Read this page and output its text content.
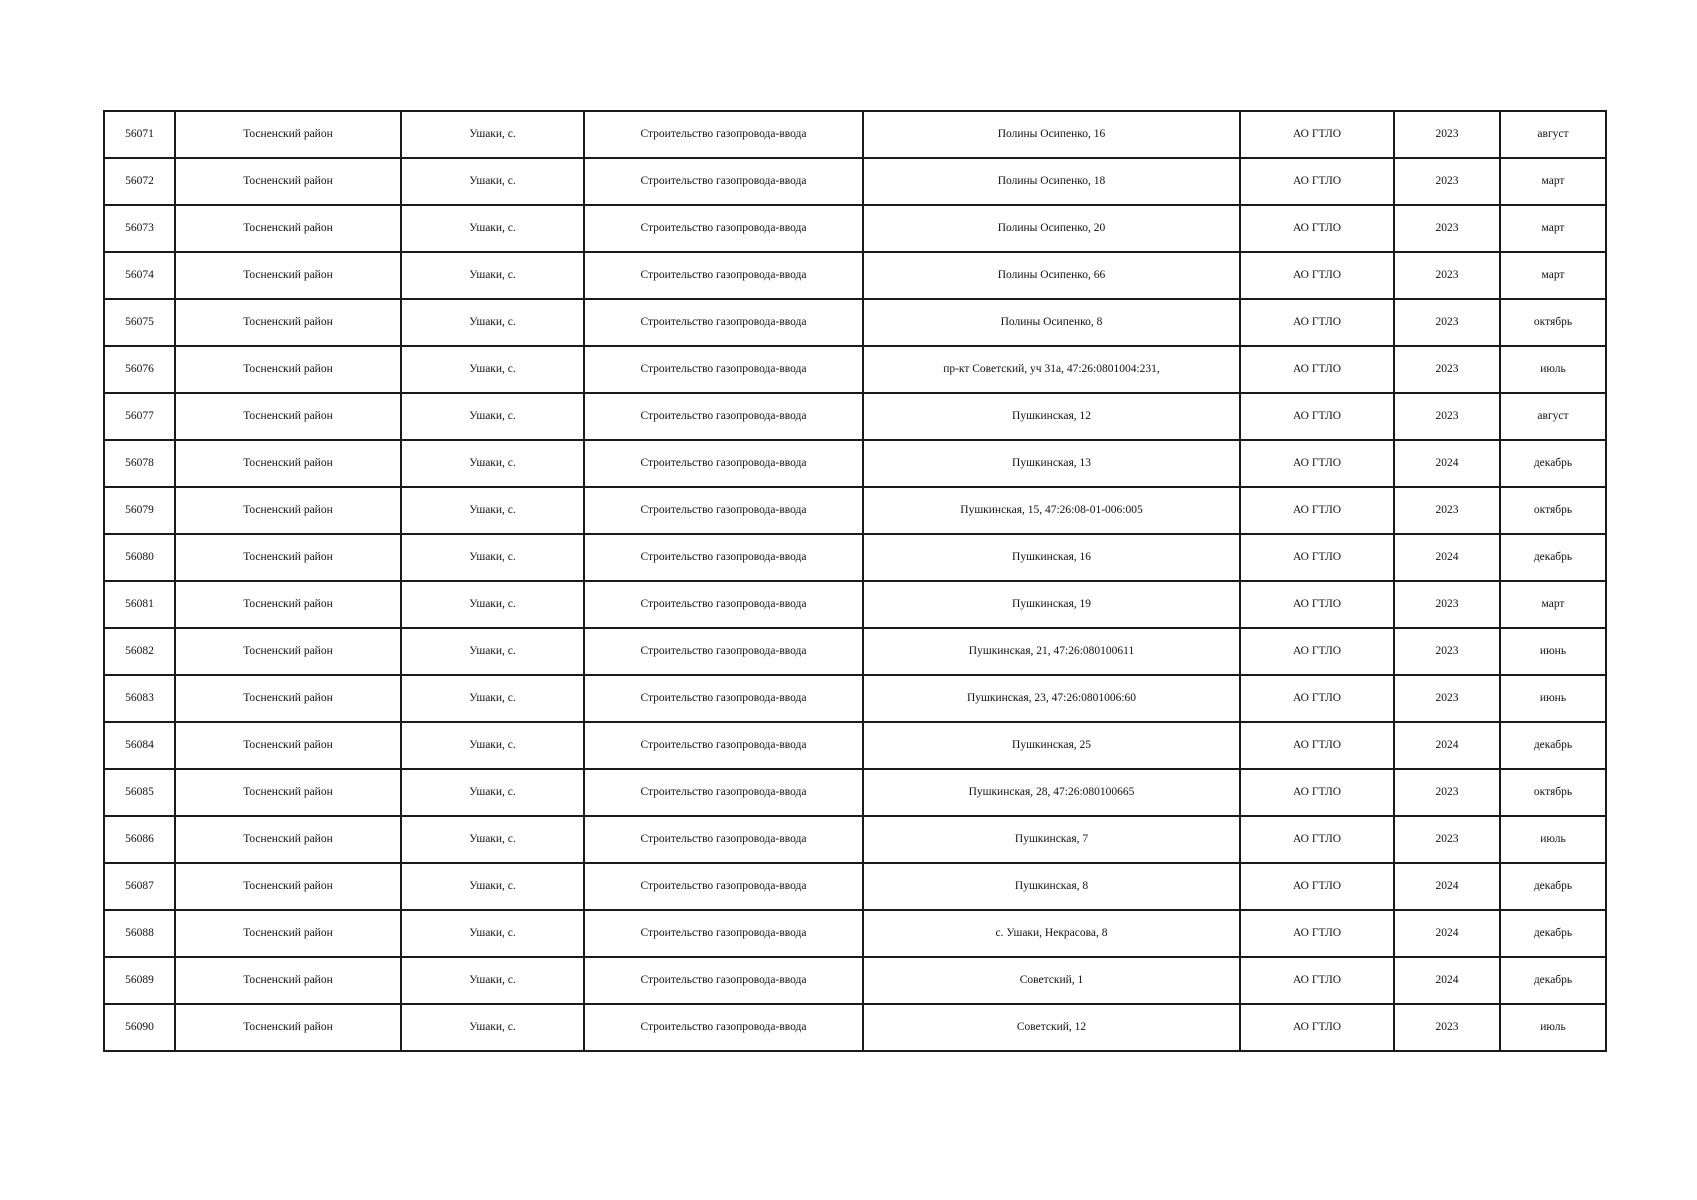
56071	Тосненский район	Ушаки, с.	Строительство газопровода-ввода	Полины Осипенко, 16	АО ГТЛО	2023	август
56072	Тосненский район	Ушаки, с.	Строительство газопровода-ввода	Полины Осипенко, 18	АО ГТЛО	2023	март
56073	Тосненский район	Ушаки, с.	Строительство газопровода-ввода	Полины Осипенко, 20	АО ГТЛО	2023	март
56074	Тосненский район	Ушаки, с.	Строительство газопровода-ввода	Полины Осипенко, 66	АО ГТЛО	2023	март
56075	Тосненский район	Ушаки, с.	Строительство газопровода-ввода	Полины Осипенко, 8	АО ГТЛО	2023	октябрь
56076	Тосненский район	Ушаки, с.	Строительство газопровода-ввода	пр-кт Советский, уч 31а, 47:26:0801004:231,	АО ГТЛО	2023	июль
56077	Тосненский район	Ушаки, с.	Строительство газопровода-ввода	Пушкинская, 12	АО ГТЛО	2023	август
56078	Тосненский район	Ушаки, с.	Строительство газопровода-ввода	Пушкинская, 13	АО ГТЛО	2024	декабрь
56079	Тосненский район	Ушаки, с.	Строительство газопровода-ввода	Пушкинская, 15, 47:26:08-01-006:005	АО ГТЛО	2023	октябрь
56080	Тосненский район	Ушаки, с.	Строительство газопровода-ввода	Пушкинская, 16	АО ГТЛО	2024	декабрь
56081	Тосненский район	Ушаки, с.	Строительство газопровода-ввода	Пушкинская, 19	АО ГТЛО	2023	март
56082	Тосненский район	Ушаки, с.	Строительство газопровода-ввода	Пушкинская, 21, 47:26:080100611	АО ГТЛО	2023	июнь
56083	Тосненский район	Ушаки, с.	Строительство газопровода-ввода	Пушкинская, 23, 47:26:0801006:60	АО ГТЛО	2023	июнь
56084	Тосненский район	Ушаки, с.	Строительство газопровода-ввода	Пушкинская, 25	АО ГТЛО	2024	декабрь
56085	Тосненский район	Ушаки, с.	Строительство газопровода-ввода	Пушкинская, 28, 47:26:080100665	АО ГТЛО	2023	октябрь
56086	Тосненский район	Ушаки, с.	Строительство газопровода-ввода	Пушкинская, 7	АО ГТЛО	2023	июль
56087	Тосненский район	Ушаки, с.	Строительство газопровода-ввода	Пушкинская, 8	АО ГТЛО	2024	декабрь
56088	Тосненский район	Ушаки, с.	Строительство газопровода-ввода	с. Ушаки, Некрасова, 8	АО ГТЛО	2024	декабрь
56089	Тосненский район	Ушаки, с.	Строительство газопровода-ввода	Советский, 1	АО ГТЛО	2024	декабрь
56090	Тосненский район	Ушаки, с.	Строительство газопровода-ввода	Советский, 12	АО ГТЛО	2023	июль
